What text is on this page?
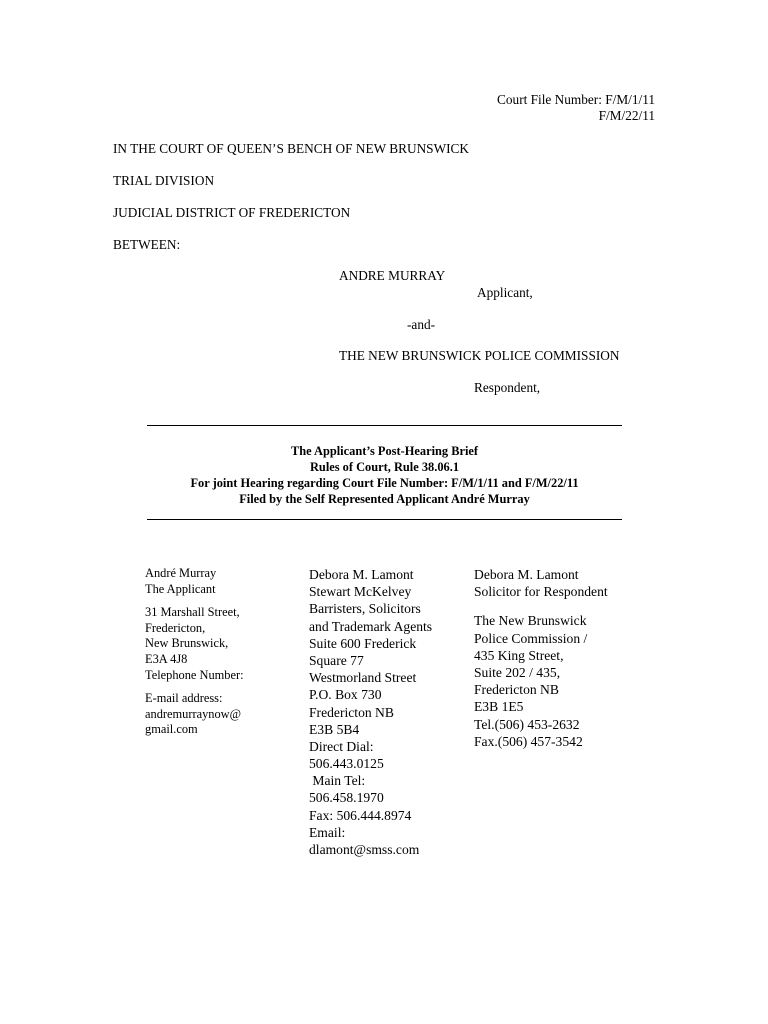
Court File Number: F/M/1/11
F/M/22/11
IN THE COURT OF QUEEN’S BENCH OF NEW BRUNSWICK
TRIAL DIVISION
JUDICIAL DISTRICT OF FREDERICTON
BETWEEN:
ANDRE MURRAY
Applicant,
-and-
THE NEW BRUNSWICK POLICE COMMISSION
Respondent,
The Applicant’s Post-Hearing Brief
Rules of Court, Rule 38.06.1
For joint Hearing regarding Court File Number: F/M/1/11 and F/M/22/11
Filed by the Self Represented Applicant André Murray
André Murray
The Applicant
31 Marshall Street,
Fredericton,
New Brunswick,
E3A 4J8
Telephone Number:
E-mail address:
andremurraynow@
gmail.com
Debora M. Lamont
Stewart McKelvey
Barristers, Solicitors
and Trademark Agents
Suite 600 Frederick
Square 77
Westmorland Street
P.O. Box 730
Fredericton NB
E3B 5B4
Direct Dial:
506.443.0125
Main Tel:
506.458.1970
Fax: 506.444.8974
Email:
dlamont@smss.com
Debora M. Lamont
Solicitor for Respondent
The New Brunswick
Police Commission /
435 King Street,
Suite 202 / 435,
Fredericton NB
E3B 1E5
Tel.(506) 453-2632
Fax.(506) 457-3542
